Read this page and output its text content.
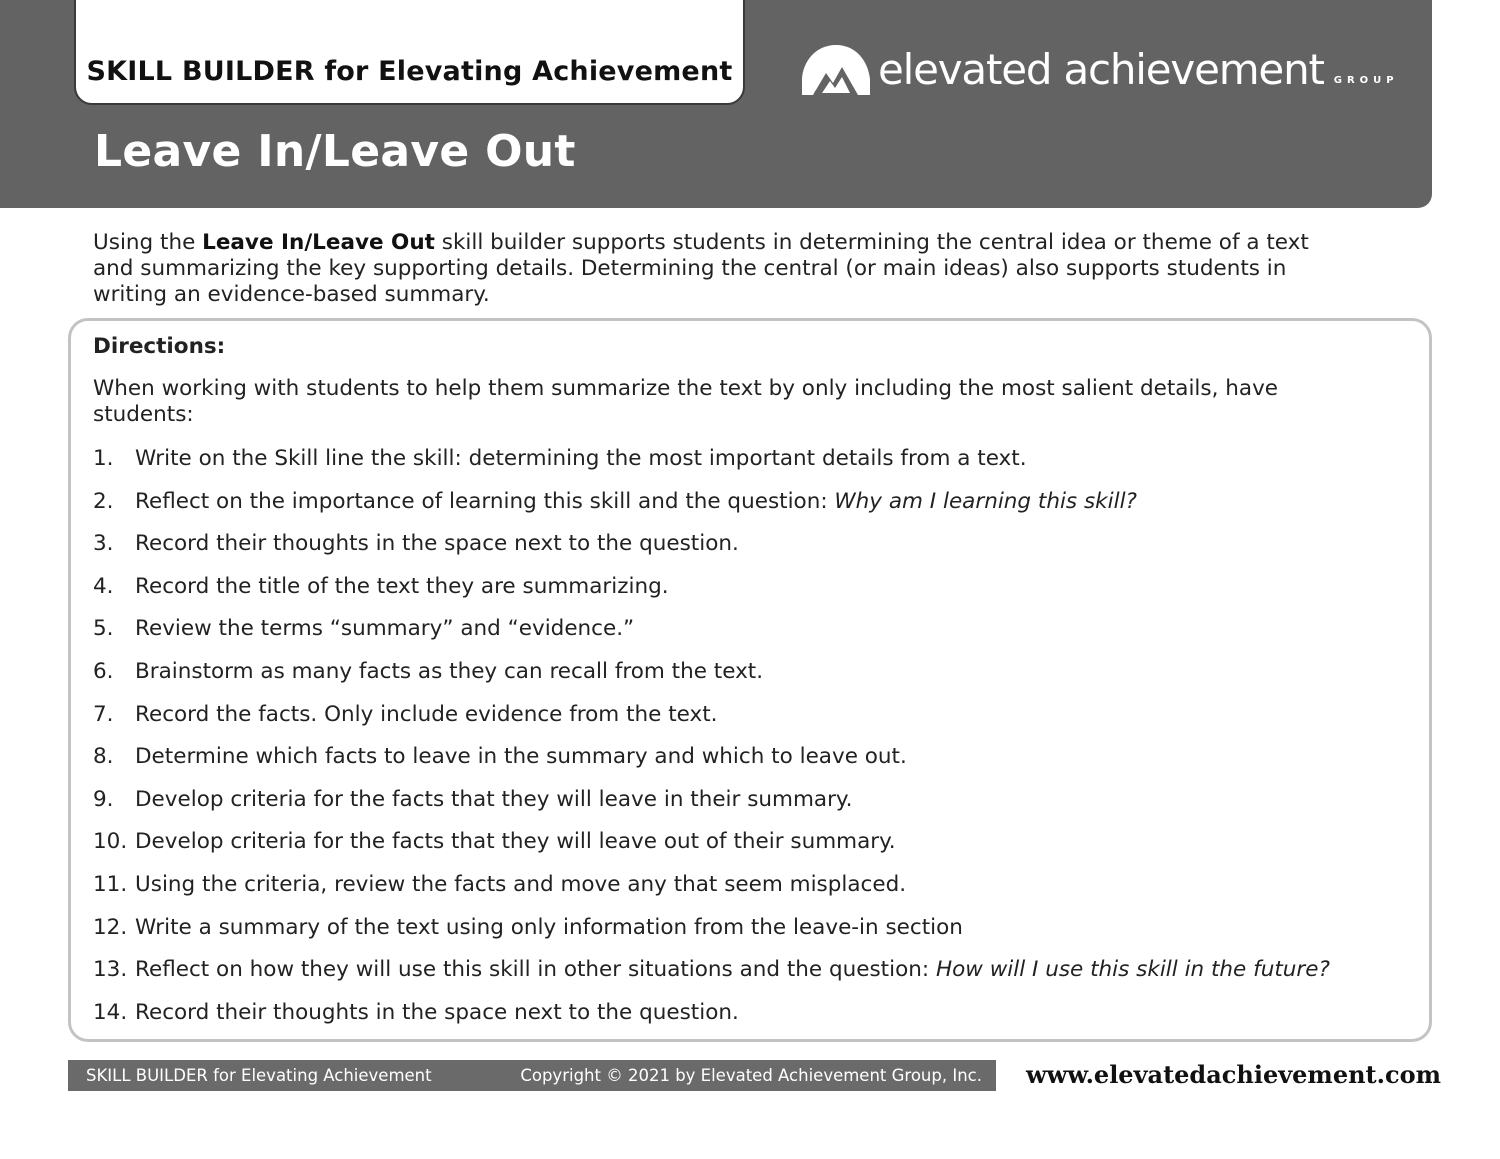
SKILL BUILDER for Elevating Achievement	elevated achievement GROUP
Leave In/Leave Out

Using the Leave In/Leave Out skill builder supports students in determining the central idea or theme of a text and summarizing the key supporting details. Determining the central (or main ideas) also supports students in writing an evidence-based summary.

Directions:

When working with students to help them summarize the text by only including the most salient details, have students:

1. Write on the Skill line the skill: determining the most important details from a text.
2. Reflect on the importance of learning this skill and the question: Why am I learning this skill?
3. Record their thoughts in the space next to the question.
4. Record the title of the text they are summarizing.
5. Review the terms “summary” and “evidence.”
6. Brainstorm as many facts as they can recall from the text.
7. Record the facts. Only include evidence from the text.
8. Determine which facts to leave in the summary and which to leave out.
9. Develop criteria for the facts that they will leave in their summary.
10. Develop criteria for the facts that they will leave out of their summary.
11. Using the criteria, review the facts and move any that seem misplaced.
12. Write a summary of the text using only information from the leave-in section
13. Reflect on how they will use this skill in other situations and the question: How will I use this skill in the future?
14. Record their thoughts in the space next to the question.
SKILL BUILDER for Elevating Achievement	Copyright © 2021 by Elevated Achievement Group, Inc. www.elevatedachievement.com
